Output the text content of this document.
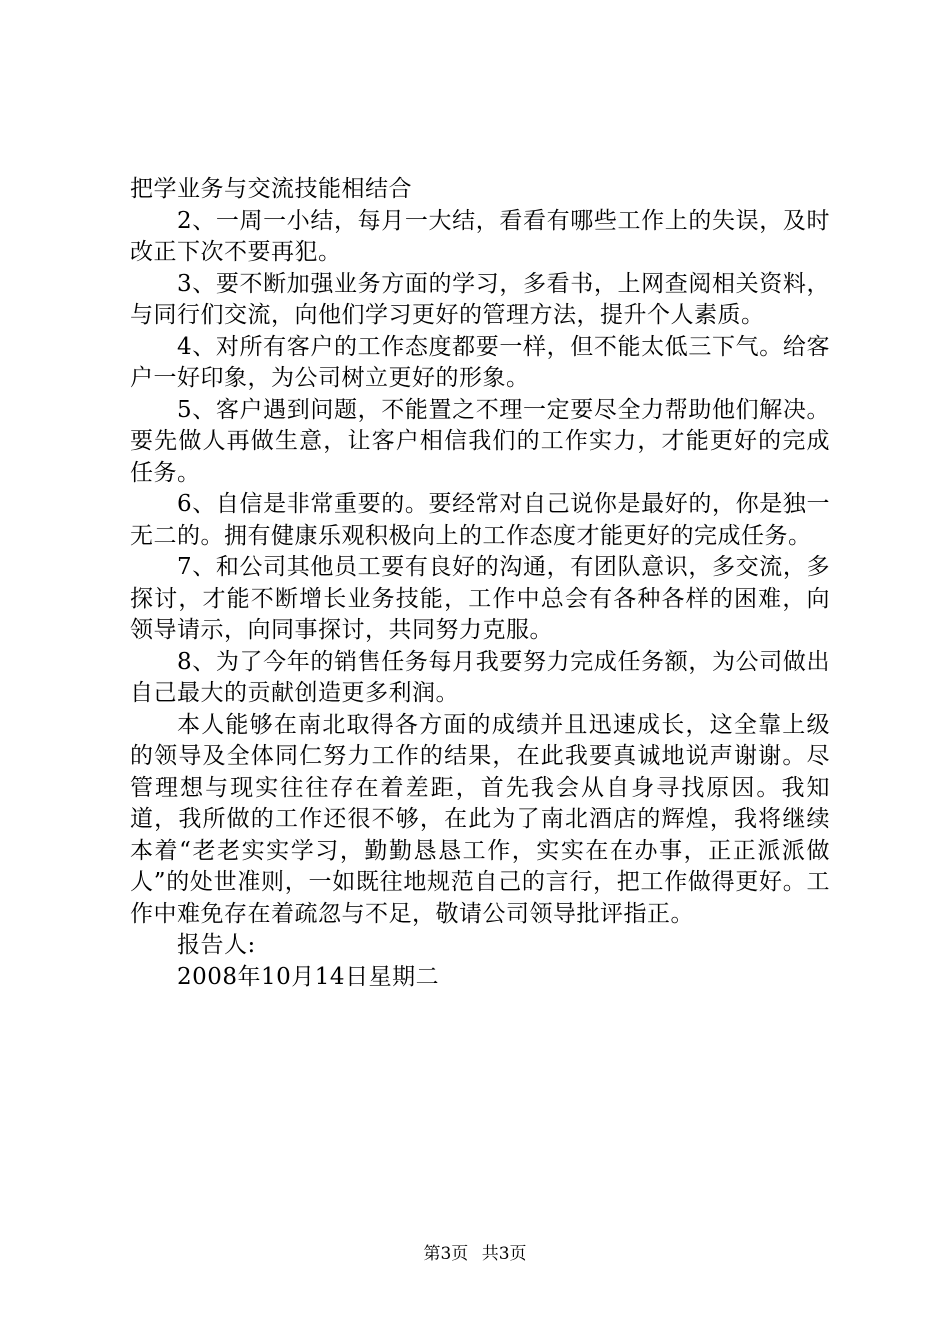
把学业务与交流技能相结合

2、一周一小结，每月一大结，看看有哪些工作上的失误，及时改正下次不要再犯。

3、要不断加强业务方面的学习，多看书，上网查阅相关资料，与同行们交流，向他们学习更好的管理方法，提升个人素质。

4、对所有客户的工作态度都要一样，但不能太低三下气。给客户一好印象，为公司树立更好的形象。

5、客户遇到问题，不能置之不理一定要尽全力帮助他们解决。要先做人再做生意，让客户相信我们的工作实力，才能更好的完成任务。

6、自信是非常重要的。要经常对自己说你是最好的，你是独一无二的。拥有健康乐观积极向上的工作态度才能更好的完成任务。

7、和公司其他员工要有良好的沟通，有团队意识，多交流，多探讨，才能不断增长业务技能，工作中总会有各种各样的困难，向领导请示，向同事探讨，共同努力克服。

8、为了今年的销售任务每月我要努力完成任务额，为公司做出自己最大的贡献创造更多利润。

本人能够在南北取得各方面的成绩并且迅速成长，这全靠上级的领导及全体同仁努力工作的结果，在此我要真诚地说声谢谢。尽管理想与现实往往存在着差距，首先我会从自身寻找原因。我知道，我所做的工作还很不够，在此为了南北酒店的辉煌，我将继续本着“老老实实学习，勤勤恳恳工作，实实在在办事，正正派派做人”的处世准则，一如既往地规范自己的言行，把工作做得更好。工作中难免存在着疏忽与不足，敬请公司领导批评指正。

报告人:

2008年10月14日星期二

第3页 共3页
